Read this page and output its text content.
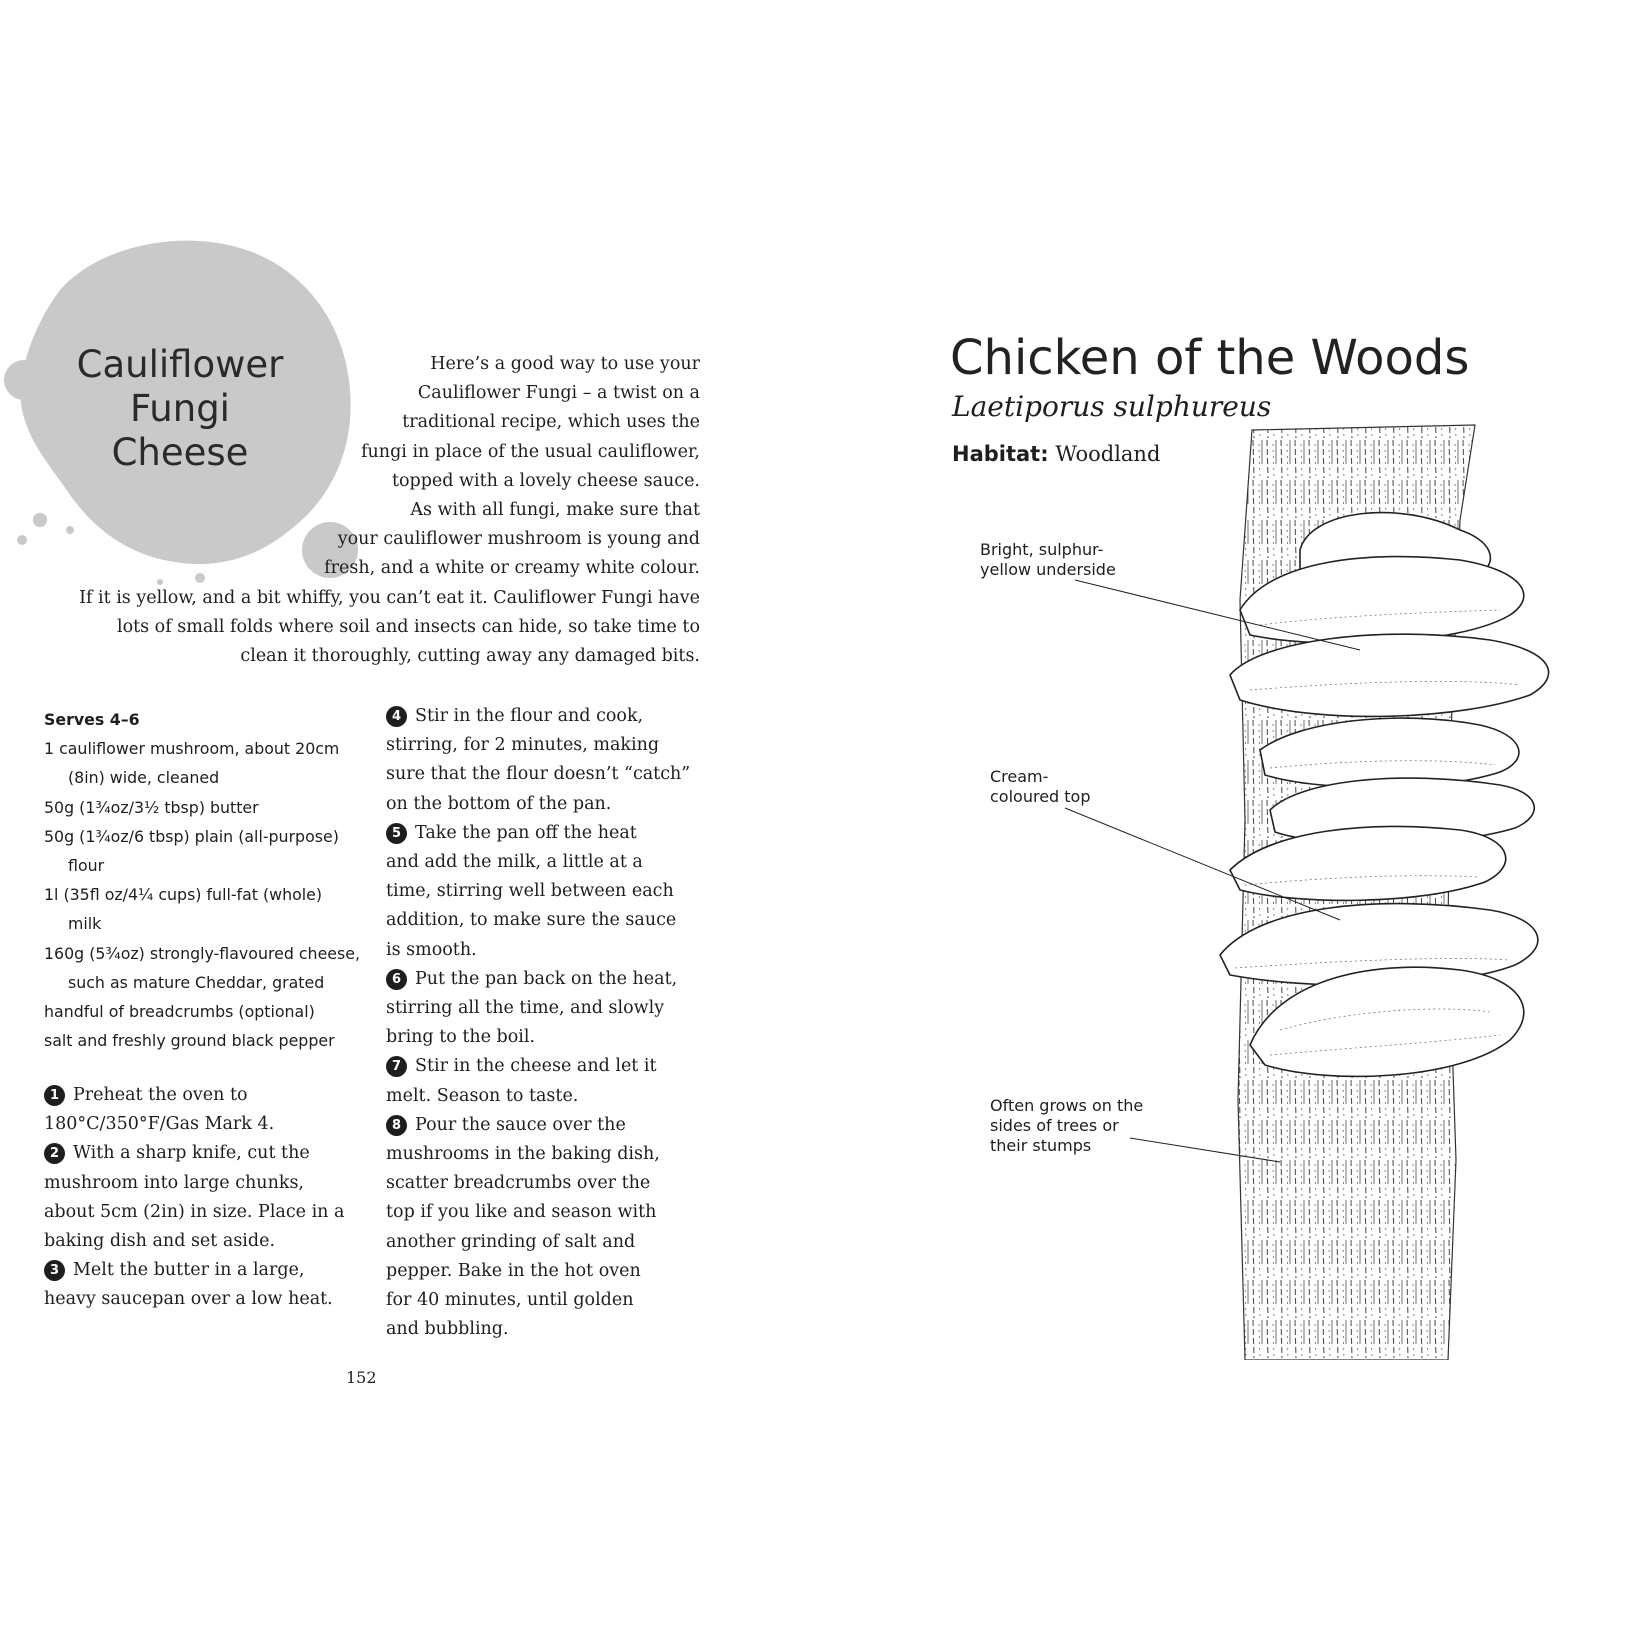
Cauliflower
Fungi
Cheese
Here’s a good way to use your
Cauliflower Fungi – a twist on a
traditional recipe, which uses the
fungi in place of the usual cauliflower,
topped with a lovely cheese sauce.
As with all fungi, make sure that
your cauliflower mushroom is young and
fresh, and a white or creamy white colour.
If it is yellow, and a bit whiffy, you can’t eat it. Cauliflower Fungi have
lots of small folds where soil and insects can hide, so take time to
clean it thoroughly, cutting away any damaged bits.
Serves 4–6
1 cauliflower mushroom, about 20cm
(8in) wide, cleaned
50g (1¾oz/3½ tbsp) butter
50g (1¾oz/6 tbsp) plain (all-purpose)
flour
1l (35fl oz/4¼ cups) full-fat (whole)
milk
160g (5¾oz) strongly-flavoured cheese,
such as mature Cheddar, grated
handful of breadcrumbs (optional)
salt and freshly ground black pepper
1 Preheat the oven to
180°C/350°F/Gas Mark 4.
2 With a sharp knife, cut the
mushroom into large chunks,
about 5cm (2in) in size. Place in a
baking dish and set aside.
3 Melt the butter in a large,
heavy saucepan over a low heat.
4 Stir in the flour and cook,
stirring, for 2 minutes, making
sure that the flour doesn’t “catch”
on the bottom of the pan.
5 Take the pan off the heat
and add the milk, a little at a
time, stirring well between each
addition, to make sure the sauce
is smooth.
6 Put the pan back on the heat,
stirring all the time, and slowly
bring to the boil.
7 Stir in the cheese and let it
melt. Season to taste.
8 Pour the sauce over the
mushrooms in the baking dish,
scatter breadcrumbs over the
top if you like and season with
another grinding of salt and
pepper. Bake in the hot oven
for 40 minutes, until golden
and bubbling.
152
Chicken of the Woods
Laetiporus sulphureus
Habitat: Woodland
Bright, sulphur-
yellow underside
Cream-
coloured top
Often grows on the
sides of trees or
their stumps
